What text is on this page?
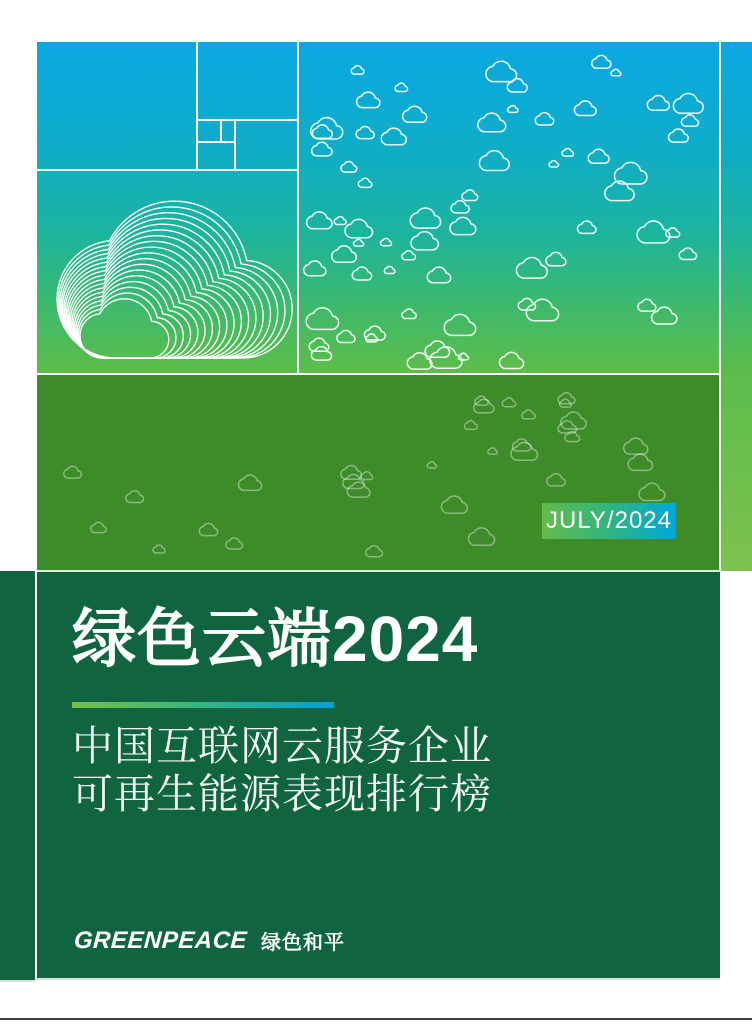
JULY/2024
绿色云端2024
中国互联网云服务企业
可再生能源表现排行榜
GREENPEACE 绿色和平
